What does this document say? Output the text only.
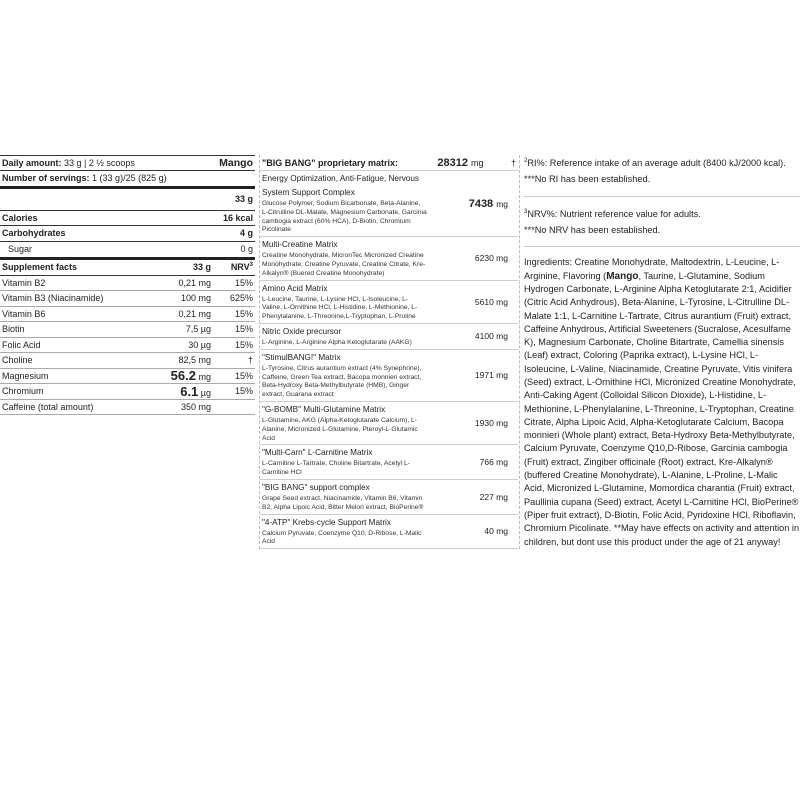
Daily amount: 33 g | 2 ½ scoops	Mango
Number of servings: 1 (33 g)/25 (825 g)
33 g
Calories	16 kcal
Carbohydrates	4 g
Sugar	0 g
Supplement facts	33 g	NRV$^3$
Vitamin B2	0,21 mg	15%
Vitamin B3 (Niacinamide)	100 mg	625%
Vitamin B6	0,21 mg	15%
Biotin	7,5 µg	15%
Folic Acid	30 µg	15%
Choline	82,5 mg	†
Magnesium	56.2 mg	15%
Chromium	6.1 µg	15%
Caffeine (total amount)	350 mg
"BIG BANG" proprietary matrix:	28312 mg	†
Energy Optimization, Anti-Fatigue, Nervous System Support Complex
Glucose Polymer, Sodium Bicarbonate, Beta-Alanine, L-Citrulline DL-Malate, Magnesium Carbonate, Garcinia cambogia extract (60% HCA), D-Biotin, Chromium Picolinate
7438 mg
Multi-Creatine Matrix
Creatine Monohydrate, MicronTec Micronized Creatine Monohydrate, Creatine Pyruvate, Creatine Citrate, Kre-Alkalyn® (Buered Creatine Monohydrate)
6230 mg
Amino Acid Matrix
L-Leucine, Taurine, L-Lysine HCl, L-Isoleucine, L-Valine, L-Ornithine HCl, L-Histidine, L-Methionine, L-Phenylalanine, L-Threonine,L-Tryptophan, L-Proline
5610 mg
Nitric Oxide precursor
L-Arginine, L-Arginine Alpha Ketoglutarate (AAKG)
4100 mg
"StimulBANG!" Matrix
L-Tyrosine, Citrus aurantium extract (4% Synephrine), Caffeine, Green Tea extract, Bacopa monnieri extract, Beta-Hydroxy Beta-Methylbutyrate (HMB), Ginger extract, Guarana extract
1971 mg
"G-BOMB" Multi-Glutamine Matrix
L-Glutamine, AKG (Alpha-Ketoglutarate Calcium), L-Alanine, Micronized L-Glutamine, Pteroyl-L-Glutamic Acid
1930 mg
"Multi-Carn" L-Carnitine Matrix
L-Carnitine L-Tartrate, Choline Bitartrate, Acetyl L-Carnitine HCl
766 mg
"BIG BANG" support complex
Grape Seed extract, Niacinamide, Vitamin B6, Vitamin B2, Alpha Lipoic Acid, Bitter Melon extract, BioPerine®
227 mg
"4-ATP" Krebs-cycle Support Matrix
Calcium Pyruvate, Coenzyme Q10, D-Ribose, L-Malic Acid
40 mg
$^2$RI%: Reference intake of an average adult (8400 kJ/2000 kcal).
***No RI has been established.
$^3$NRV%: Nutrient reference value for adults.
***No NRV has been established.
Ingredients: Creatine Monohydrate, Maltodextrin, L-Leucine, L-Arginine, Flavoring (Mango, Taurine, L-Glutamine, Sodium Hydrogen Carbonate, L-Arginine Alpha Ketoglutarate 2:1, Acidifier (Citric Acid Anhydrous), Beta-Alanine, L-Tyrosine, L-Citrulline DL-Malate 1:1, L-Carnitine L-Tartrate, Citrus aurantium (Fruit) extract, Caffeine Anhydrous, Artificial Sweeteners (Sucralose, Acesulfame K), Magnesium Carbonate, Choline Bitartrate, Camellia sinensis (Leaf) extract, Coloring (Paprika extract), L-Lysine HCl, L-Isoleucine, L-Valine, Niacinamide, Creatine Pyruvate, Vitis vinifera (Seed) extract, L-Ornithine HCl, Micronized Creatine Monohydrate, Anti-Caking Agent (Colloidal Silicon Dioxide), L-Histidine, L-Methionine, L-Phenylalanine, L-Threonine, L-Tryptophan, Creatine Citrate, Alpha Lipoic Acid, Alpha-Ketoglutarate Calcium, Bacopa monnieri (Whole plant) extract, Beta-Hydroxy Beta-Methylbutyrate, Calcium Pyruvate, Coenzyme Q10,D-Ribose, Garcinia cambogia (Fruit) extract, Zingiber officinale (Root) extract, Kre-Alkalyn® (buffered Creatine Monohydrate), L-Alanine, L-Proline, L-Malic Acid, Micronized L-Glutamine, Momordica charantia (Fruit) extract, Paullinia cupana (Seed) extract, Acetyl L-Carnitine HCl, BioPerine® (Piper fruit extract), D-Biotin, Folic Acid, Pyridoxine HCl, Riboflavin, Chromium Picolinate. **May have effects on activity and attention in children, but dont use this product under the age of 21 anyway!
